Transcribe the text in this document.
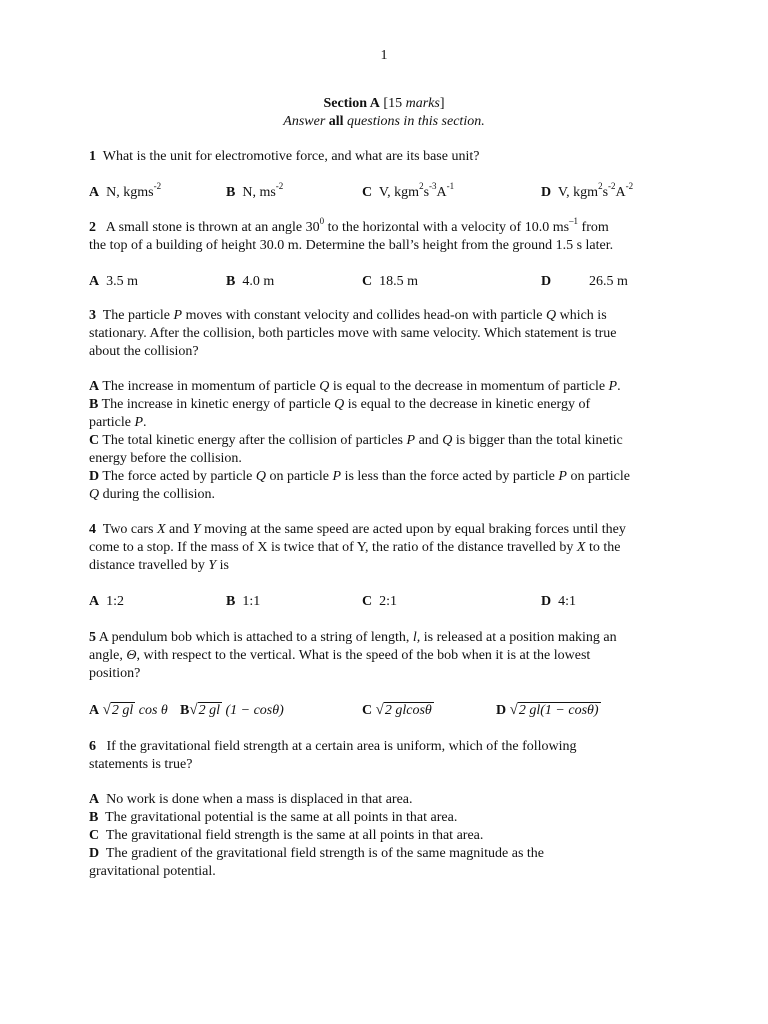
1
Section A [15 marks]
Answer all questions in this section.
1 What is the unit for electromotive force, and what are its base unit?
A N, kgms$^{-2}$	B N, $ms^{-2}$	C V, $kgm^2s^{-3}A^{-1}$	D V, $kgm^2s^{-2}A^{-2}$
2 A small stone is thrown at an angle $30^0$ to the horizontal with a velocity of 10.0 $ms^{-1}$ from
the top of a building of height 30.0 m. Determine the ball’s height from the ground 1.5 s later.
A 3.5 m	B 4.0 m	C 18.5 m	D	26.5 m
3 The particle P moves with constant velocity and collides head-on with particle Q which is
stationary. After the collision, both particles move with same velocity. Which statement is true
about the collision?
A The increase in momentum of particle Q is equal to the decrease in momentum of particle P.
B The increase in kinetic energy of particle Q is equal to the decrease in kinetic energy of
particle P.
C The total kinetic energy after the collision of particles P and Q is bigger than the total kinetic
energy before the collision.
D The force acted by particle Q on particle P is less than the force acted by particle P on particle
Q during the collision.
4 Two cars X and Y moving at the same speed are acted upon by equal braking forces until they
come to a stop. If the mass of X is twice that of Y, the ratio of the distance travelled by X to the
distance travelled by Y is
A 1:2	B 1:1	C 2:1	D 4:1
5 A pendulum bob which is attached to a string of length, l, is released at a position making an
angle, Θ, with respect to the vertical. What is the speed of the bob when it is at the lowest
position?
A √2 gl cos θ B√2 gl (1 − cosθ)	C √2 glcosθ	D √2 gl(1 − cosθ)
6 If the gravitational field strength at a certain area is uniform, which of the following
statements is true?
A No work is done when a mass is displaced in that area.
B The gravitational potential is the same at all points in that area.
C The gravitational field strength is the same at all points in that area.
D The gradient of the gravitational field strength is of the same magnitude as the
gravitational potential.
